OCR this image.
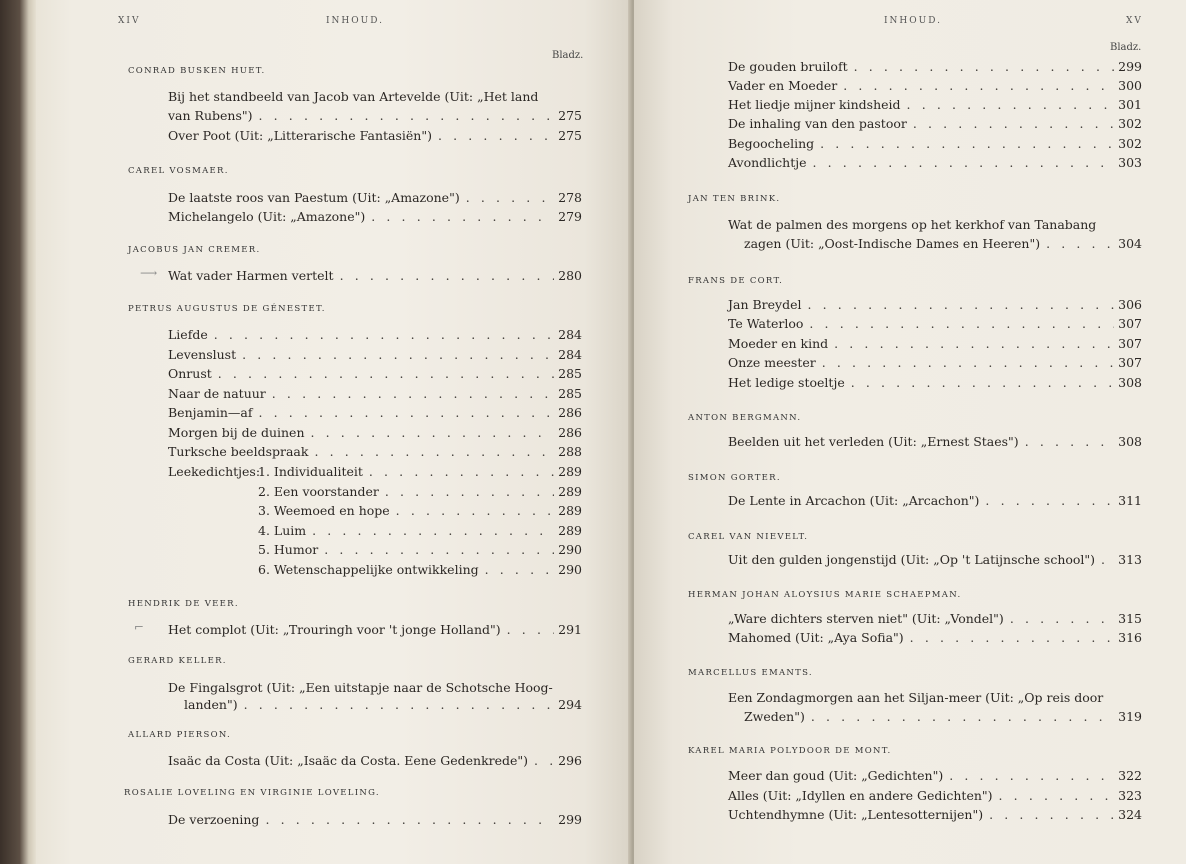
XIV	INHOUD.
Bladz.
CONRAD BUSKEN HUET.
Bij het standbeeld van Jacob van Artevelde (Uit: „Het land
van Rubens") . . .	275
Over Poot (Uit: „Litterarische Fantasiën") . . .	275
CAREL VOSMAER.
De laatste roos van Paestum (Uit: „Amazone") . . .	278
Michelangelo (Uit: „Amazone") . . .	279
JACOBUS JAN CREMER.
⟶ Wat vader Harmen vertelt . . .	280
PETRUS AUGUSTUS DE GÉNESTET.
Liefde . . .	284
Levenslust . . .	284
Onrust . . .	285
Naar de natuur . . .	285
Benjamin—af . . .	286
Morgen bij de duinen . . .	286
Turksche beeldspraak . . .	288
Leekedichtjes:
1. Individualiteit . . .	289
2. Een voorstander . . .	289
3. Weemoed en hope . . .	289
4. Luim . . .	289
5. Humor . . .	290
6. Wetenschappelijke ontwikkeling . . .	290
HENDRIK DE VEER.
⌐ Het complot (Uit: „Trouringh voor 't jonge Holland") . . .	291
GERARD KELLER.
De Fingalsgrot (Uit: „Een uitstapje naar de Schotsche Hoog-
landen") . . .	294
ALLARD PIERSON.
Isaäc da Costa (Uit: „Isaäc da Costa. Eene Gedenkrede") . . .	296
ROSALIE LOVELING EN VIRGINIE LOVELING.
De verzoening . . .	299
INHOUD.	XV
Bladz.
De gouden bruiloft . . .	299
Vader en Moeder . . .	300
Het liedje mijner kindsheid . . .	301
De inhaling van den pastoor . . .	302
Begoocheling . . .	302
Avondlichtje . . .	303
JAN TEN BRINK.
Wat de palmen des morgens op het kerkhof van Tanabang
zagen (Uit: „Oost-Indische Dames en Heeren") . . .	304
FRANS DE CORT.
Jan Breydel . . .	306
Te Waterloo . . .	307
Moeder en kind . . .	307
Onze meester . . .	307
Het ledige stoeltje . . .	308
ANTON BERGMANN.
Beelden uit het verleden (Uit: „Ernest Staes") . . .	308
SIMON GORTER.
De Lente in Arcachon (Uit: „Arcachon") . . .	311
CAREL VAN NIEVELT.
Uit den gulden jongenstijd (Uit: „Op 't Latijnsche school") . . .	313
HERMAN JOHAN ALOYSIUS MARIE SCHAEPMAN.
„Ware dichters sterven niet" (Uit: „Vondel") . . .	315
Mahomed (Uit: „Aya Sofia") . . .	316
MARCELLUS EMANTS.
Een Zondagmorgen aan het Siljan-meer (Uit: „Op reis door
Zweden") . . .	319
KAREL MARIA POLYDOOR DE MONT.
Meer dan goud (Uit: „Gedichten") . . .	322
Alles (Uit: „Idyllen en andere Gedichten") . . .	323
Uchtendhymne (Uit: „Lentesotternijen") . . .	324
